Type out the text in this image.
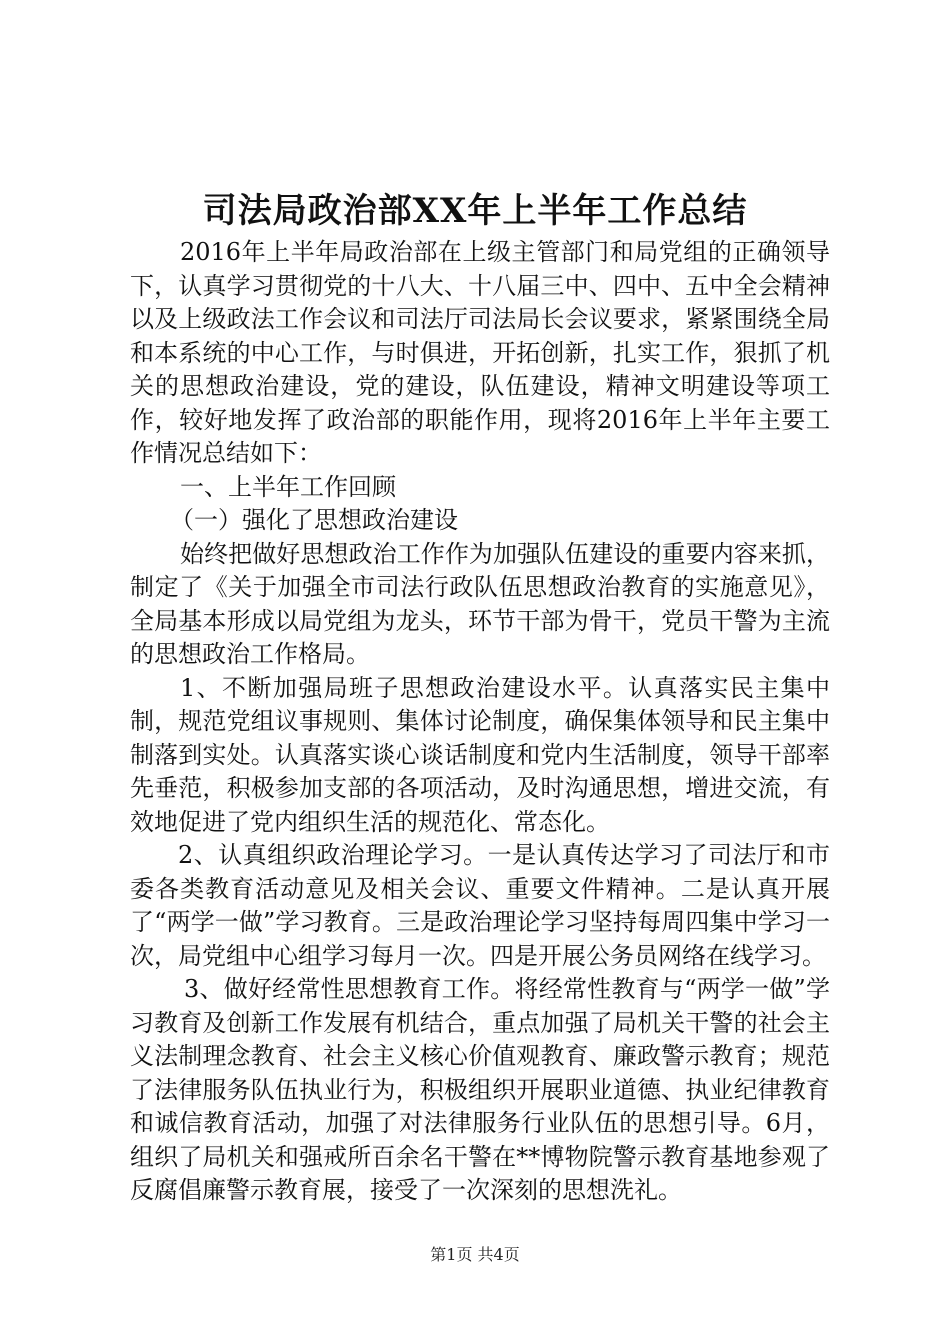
司法局政治部XX年上半年工作总结

2016年上半年局政治部在上级主管部门和局党组的正确领导下，认真学习贯彻党的十八大、十八届三中、四中、五中全会精神以及上级政法工作会议和司法厅司法局长会议要求，紧紧围绕全局和本系统的中心工作，与时俱进，开拓创新，扎实工作，狠抓了机关的思想政治建设，党的建设，队伍建设，精神文明建设等项工作，较好地发挥了政治部的职能作用，现将2016年上半年主要工作情况总结如下：

一、上半年工作回顾

（一）强化了思想政治建设

始终把做好思想政治工作作为加强队伍建设的重要内容来抓，制定了《关于加强全市司法行政队伍思想政治教育的实施意见》，全局基本形成以局党组为龙头，环节干部为骨干，党员干警为主流的思想政治工作格局。

1、不断加强局班子思想政治建设水平。认真落实民主集中制，规范党组议事规则、集体讨论制度，确保集体领导和民主集中制落到实处。认真落实谈心谈话制度和党内生活制度，领导干部率先垂范，积极参加支部的各项活动，及时沟通思想，增进交流，有效地促进了党内组织生活的规范化、常态化。

2、认真组织政治理论学习。一是认真传达学习了司法厅和市委各类教育活动意见及相关会议、重要文件精神。二是认真开展了“两学一做”学习教育。三是政治理论学习坚持每周四集中学习一次，局党组中心组学习每月一次。四是开展公务员网络在线学习。

3、做好经常性思想教育工作。将经常性教育与“两学一做”学习教育及创新工作发展有机结合，重点加强了局机关干警的社会主义法制理念教育、社会主义核心价值观教育、廉政警示教育；规范了法律服务队伍执业行为，积极组织开展职业道德、执业纪律教育和诚信教育活动，加强了对法律服务行业队伍的思想引导。6月，组织了局机关和强戒所百余名干警在**博物院警示教育基地参观了反腐倡廉警示教育展，接受了一次深刻的思想洗礼。

第1页 共4页
